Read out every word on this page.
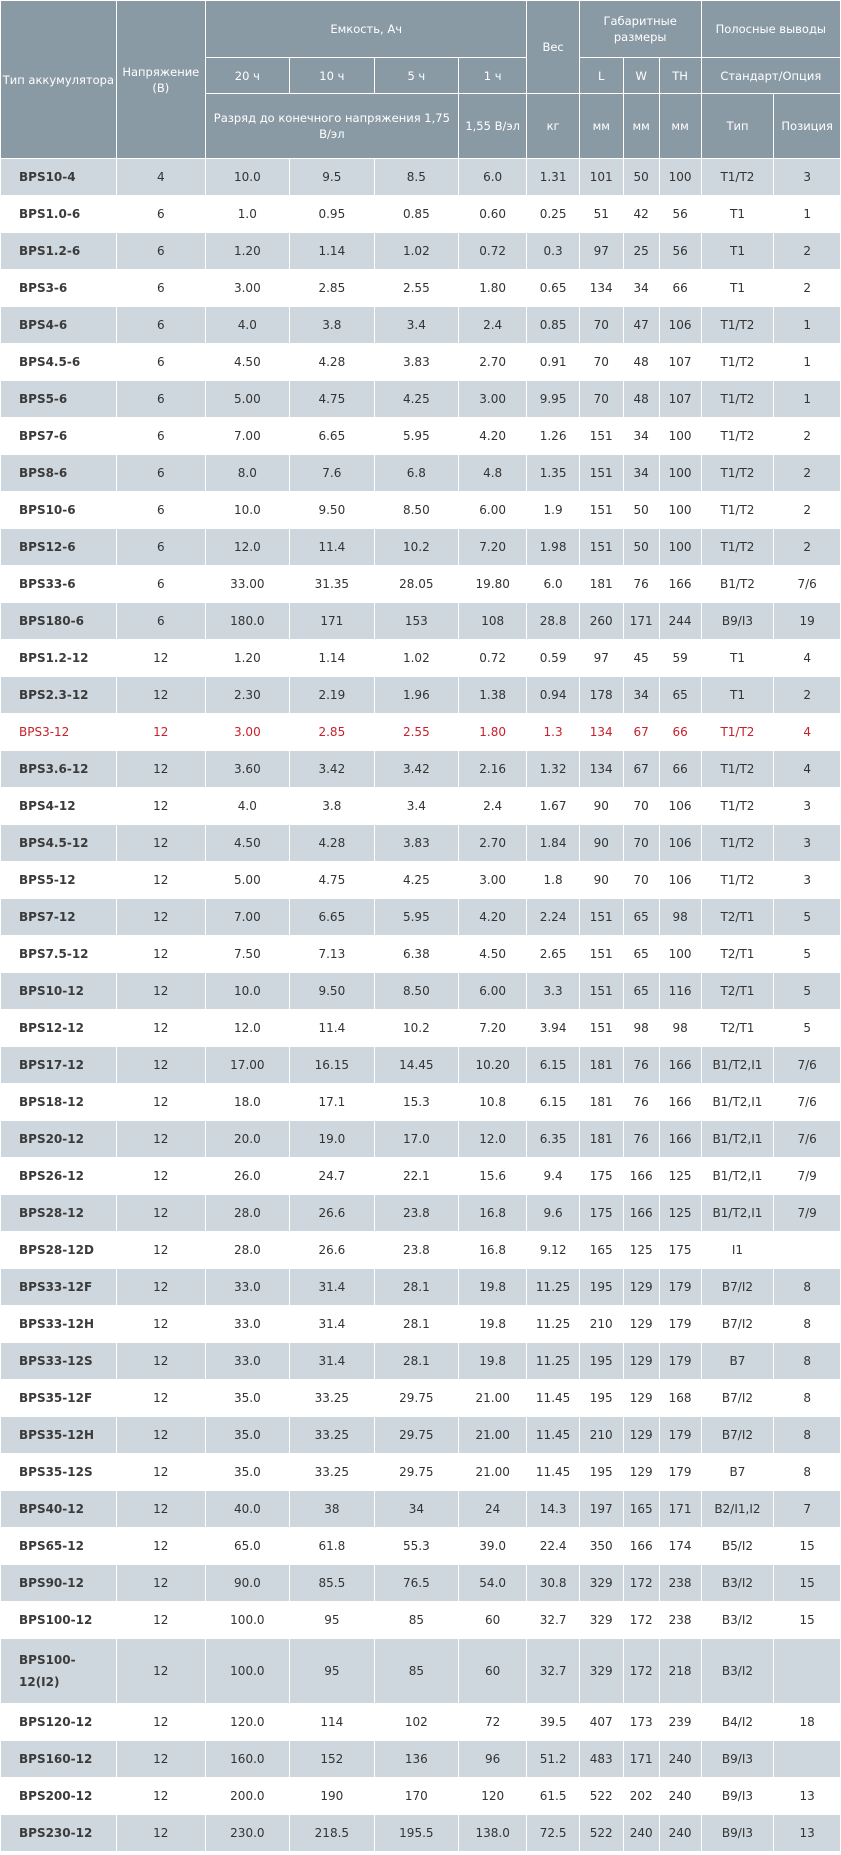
Тип аккумулятора	Напряжение (В)	Емкость, Ач				Вес	Габаритные размеры			Полосные выводы	
		20 ч	10 ч	5 ч	1 ч		L	W	TH	Стандарт/Опция	

		Разряд до конечного напряжения 1,75 В/эл			1,55 В/эл	кг	мм	мм	мм	Тип	Позиция
BPS10-4	4	10.0	9.5	8.5	6.0	1.31	101	50	100	T1/T2	3
BPS1.0-6	6	1.0	0.95	0.85	0.60	0.25	51	42	56	T1	1
BPS1.2-6	6	1.20	1.14	1.02	0.72	0.3	97	25	56	T1	2
BPS3-6	6	3.00	2.85	2.55	1.80	0.65	134	34	66	T1	2
BPS4-6	6	4.0	3.8	3.4	2.4	0.85	70	47	106	T1/T2	1
BPS4.5-6	6	4.50	4.28	3.83	2.70	0.91	70	48	107	T1/T2	1
BPS5-6	6	5.00	4.75	4.25	3.00	9.95	70	48	107	T1/T2	1
BPS7-6	6	7.00	6.65	5.95	4.20	1.26	151	34	100	T1/T2	2
BPS8-6	6	8.0	7.6	6.8	4.8	1.35	151	34	100	T1/T2	2
BPS10-6	6	10.0	9.50	8.50	6.00	1.9	151	50	100	T1/T2	2
BPS12-6	6	12.0	11.4	10.2	7.20	1.98	151	50	100	T1/T2	2
BPS33-6	6	33.00	31.35	28.05	19.80	6.0	181	76	166	B1/T2	7/6
BPS180-6	6	180.0	171	153	108	28.8	260	171	244	B9/I3	19
BPS1.2-12	12	1.20	1.14	1.02	0.72	0.59	97	45	59	T1	4
BPS2.3-12	12	2.30	2.19	1.96	1.38	0.94	178	34	65	T1	2
BPS3-12	12	3.00	2.85	2.55	1.80	1.3	134	67	66	T1/T2	4
BPS3.6-12	12	3.60	3.42	3.42	2.16	1.32	134	67	66	T1/T2	4
BPS4-12	12	4.0	3.8	3.4	2.4	1.67	90	70	106	T1/T2	3
BPS4.5-12	12	4.50	4.28	3.83	2.70	1.84	90	70	106	T1/T2	3
BPS5-12	12	5.00	4.75	4.25	3.00	1.8	90	70	106	T1/T2	3
BPS7-12	12	7.00	6.65	5.95	4.20	2.24	151	65	98	T2/T1	5
BPS7.5-12	12	7.50	7.13	6.38	4.50	2.65	151	65	100	T2/T1	5
BPS10-12	12	10.0	9.50	8.50	6.00	3.3	151	65	116	T2/T1	5
BPS12-12	12	12.0	11.4	10.2	7.20	3.94	151	98	98	T2/T1	5
BPS17-12	12	17.00	16.15	14.45	10.20	6.15	181	76	166	B1/T2,I1	7/6
BPS18-12	12	18.0	17.1	15.3	10.8	6.15	181	76	166	B1/T2,I1	7/6
BPS20-12	12	20.0	19.0	17.0	12.0	6.35	181	76	166	B1/T2,I1	7/6
BPS26-12	12	26.0	24.7	22.1	15.6	9.4	175	166	125	B1/T2,I1	7/9
BPS28-12	12	28.0	26.6	23.8	16.8	9.6	175	166	125	B1/T2,I1	7/9
BPS28-12D	12	28.0	26.6	23.8	16.8	9.12	165	125	175	I1	
BPS33-12F	12	33.0	31.4	28.1	19.8	11.25	195	129	179	B7/I2	8
BPS33-12H	12	33.0	31.4	28.1	19.8	11.25	210	129	179	B7/I2	8
BPS33-12S	12	33.0	31.4	28.1	19.8	11.25	195	129	179	B7	8
BPS35-12F	12	35.0	33.25	29.75	21.00	11.45	195	129	168	B7/I2	8
BPS35-12H	12	35.0	33.25	29.75	21.00	11.45	210	129	179	B7/I2	8
BPS35-12S	12	35.0	33.25	29.75	21.00	11.45	195	129	179	B7	8
BPS40-12	12	40.0	38	34	24	14.3	197	165	171	B2/I1,I2	7
BPS65-12	12	65.0	61.8	55.3	39.0	22.4	350	166	174	B5/I2	15
BPS90-12	12	90.0	85.5	76.5	54.0	30.8	329	172	238	B3/I2	15
BPS100-12	12	100.0	95	85	60	32.7	329	172	238	B3/I2	15
BPS100-12(I2)	12	100.0	95	85	60	32.7	329	172	218	B3/I2	
BPS120-12	12	120.0	114	102	72	39.5	407	173	239	B4/I2	18
BPS160-12	12	160.0	152	136	96	51.2	483	171	240	B9/I3	
BPS200-12	12	200.0	190	170	120	61.5	522	202	240	B9/I3	13
BPS230-12	12	230.0	218.5	195.5	138.0	72.5	522	240	240	B9/I3	13
